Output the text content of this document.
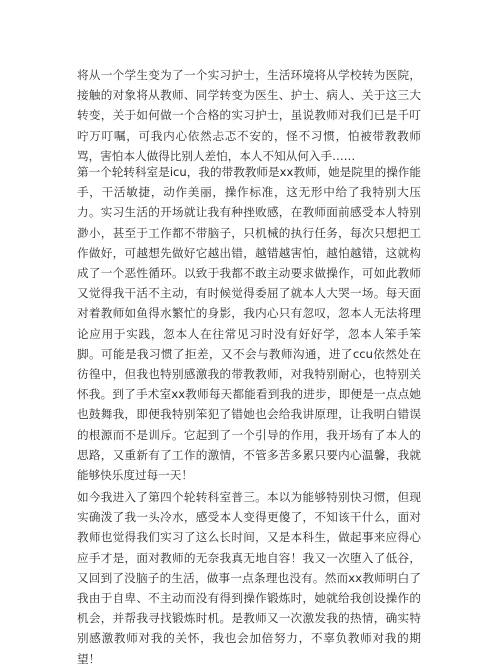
将从一个学生变为了一个实习护士，生活环境将从学校转为医院，接触的对象将从教师、同学转变为医生、护士、病人、关于这三大转变，关于如何做一个合格的实习护士，虽说教师对我们已是千叮咛万叮嘱，可我内心依然忐忑不安的，怪不习惯，怕被带教教师骂，害怕本人做得比别人差怕，本人不知从何入手……

第一个轮转科室是icu，我的带教教师是xx教师，她是院里的操作能手，干活敏捷，动作美丽，操作标准，这无形中给了我特别大压力。实习生活的开场就让我有种挫败感，在教师面前感受本人特别渺小，甚至于工作都不带脑子，只机械的执行任务，每次只想把工作做好，可越想先做好它越出错，越错越害怕，越怕越错，这就构成了一个恶性循环。以致于我都不敢主动要求做操作，可如此教师又觉得我干活不主动，有时候觉得委屈了就本人大哭一场。每天面对着教师如鱼得水繁忙的身影，我内心只有忽叹，忽本人无法将理论应用于实践，忽本人在往常见习时没有好好学，忽本人笨手笨脚。可能是我习惯了拒差，又不会与教师沟通，进了ccu依然处在彷徨中，但我也特别感激我的带教教师，对我特别耐心，也特别关怀我。到了手术室xx教师每天都能看到我的进步，即便是一点点她也鼓舞我，即便我特别笨犯了错她也会给我讲原理，让我明白错误的根源而不是训斥。它起到了一个引导的作用，我开场有了本人的思路，又重新有了工作的激情，不管多苦多累只要内心温馨，我就能够快乐度过每一天！

如今我进入了第四个轮转科室普三。本以为能够特别快习惯，但现实确泼了我一头冷水，感受本人变得更傻了，不知该干什么，面对教师也觉得我们实习了这么长时间，又是本科生，做起事来应得心应手才是，面对教师的无奈我真无地自容！我又一次堕入了低谷，又回到了没脑子的生活，做事一点条理也没有。然而xx教师明白了我由于自卑、不主动而没有得到操作锻炼时，她就给我创设操作的机会，并帮我寻找锻炼时机。是教师又一次激发我的热情，确实特别感激教师对我的关怀，我也会加倍努力，不辜负教师对我的期望！
